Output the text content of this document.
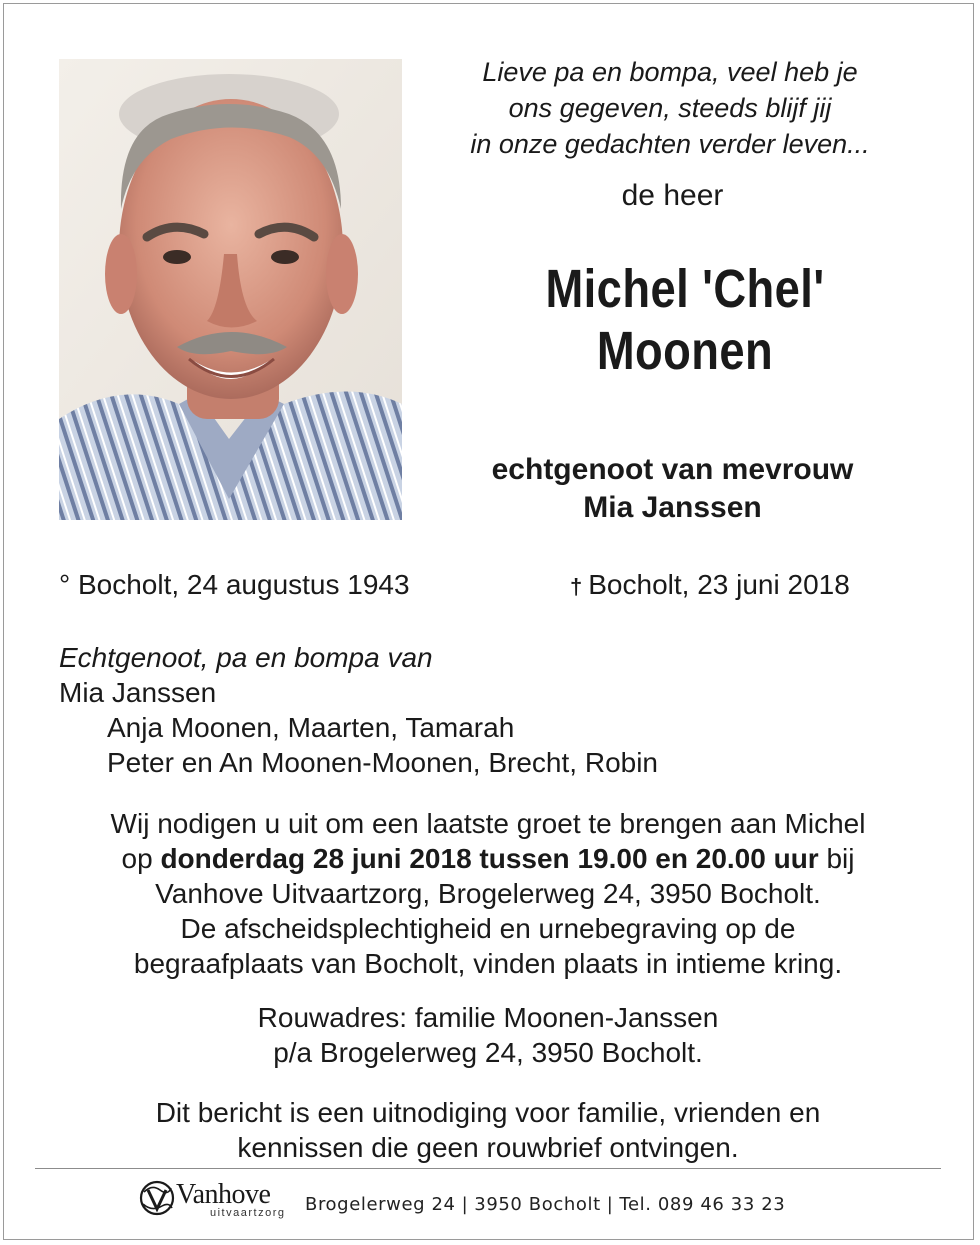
Lieve pa en bompa, veel heb je
ons gegeven, steeds blijf jij
in onze gedachten verder leven...
de heer
Michel 'Chel'
Moonen
echtgenoot van mevrouw
Mia Janssen
° Bocholt, 24 augustus 1943	† Bocholt, 23 juni 2018
Echtgenoot, pa en bompa van
Mia Janssen
Anja Moonen, Maarten, Tamarah
Peter en An Moonen-Moonen, Brecht, Robin
Wij nodigen u uit om een laatste groet te brengen aan Michel
op donderdag 28 juni 2018 tussen 19.00 en 20.00 uur bij
Vanhove Uitvaartzorg, Brogelerweg 24, 3950 Bocholt.
De afscheidsplechtigheid en urnebegraving op de
begraafplaats van Bocholt, vinden plaats in intieme kring.
Rouwadres: familie Moonen-Janssen
p/a Brogelerweg 24, 3950 Bocholt.
Dit bericht is een uitnodiging voor familie, vrienden en
kennissen die geen rouwbrief ontvingen.
Vanhove
uitvaartzorg Brogelerweg 24 | 3950 Bocholt | Tel. 089 46 33 23
